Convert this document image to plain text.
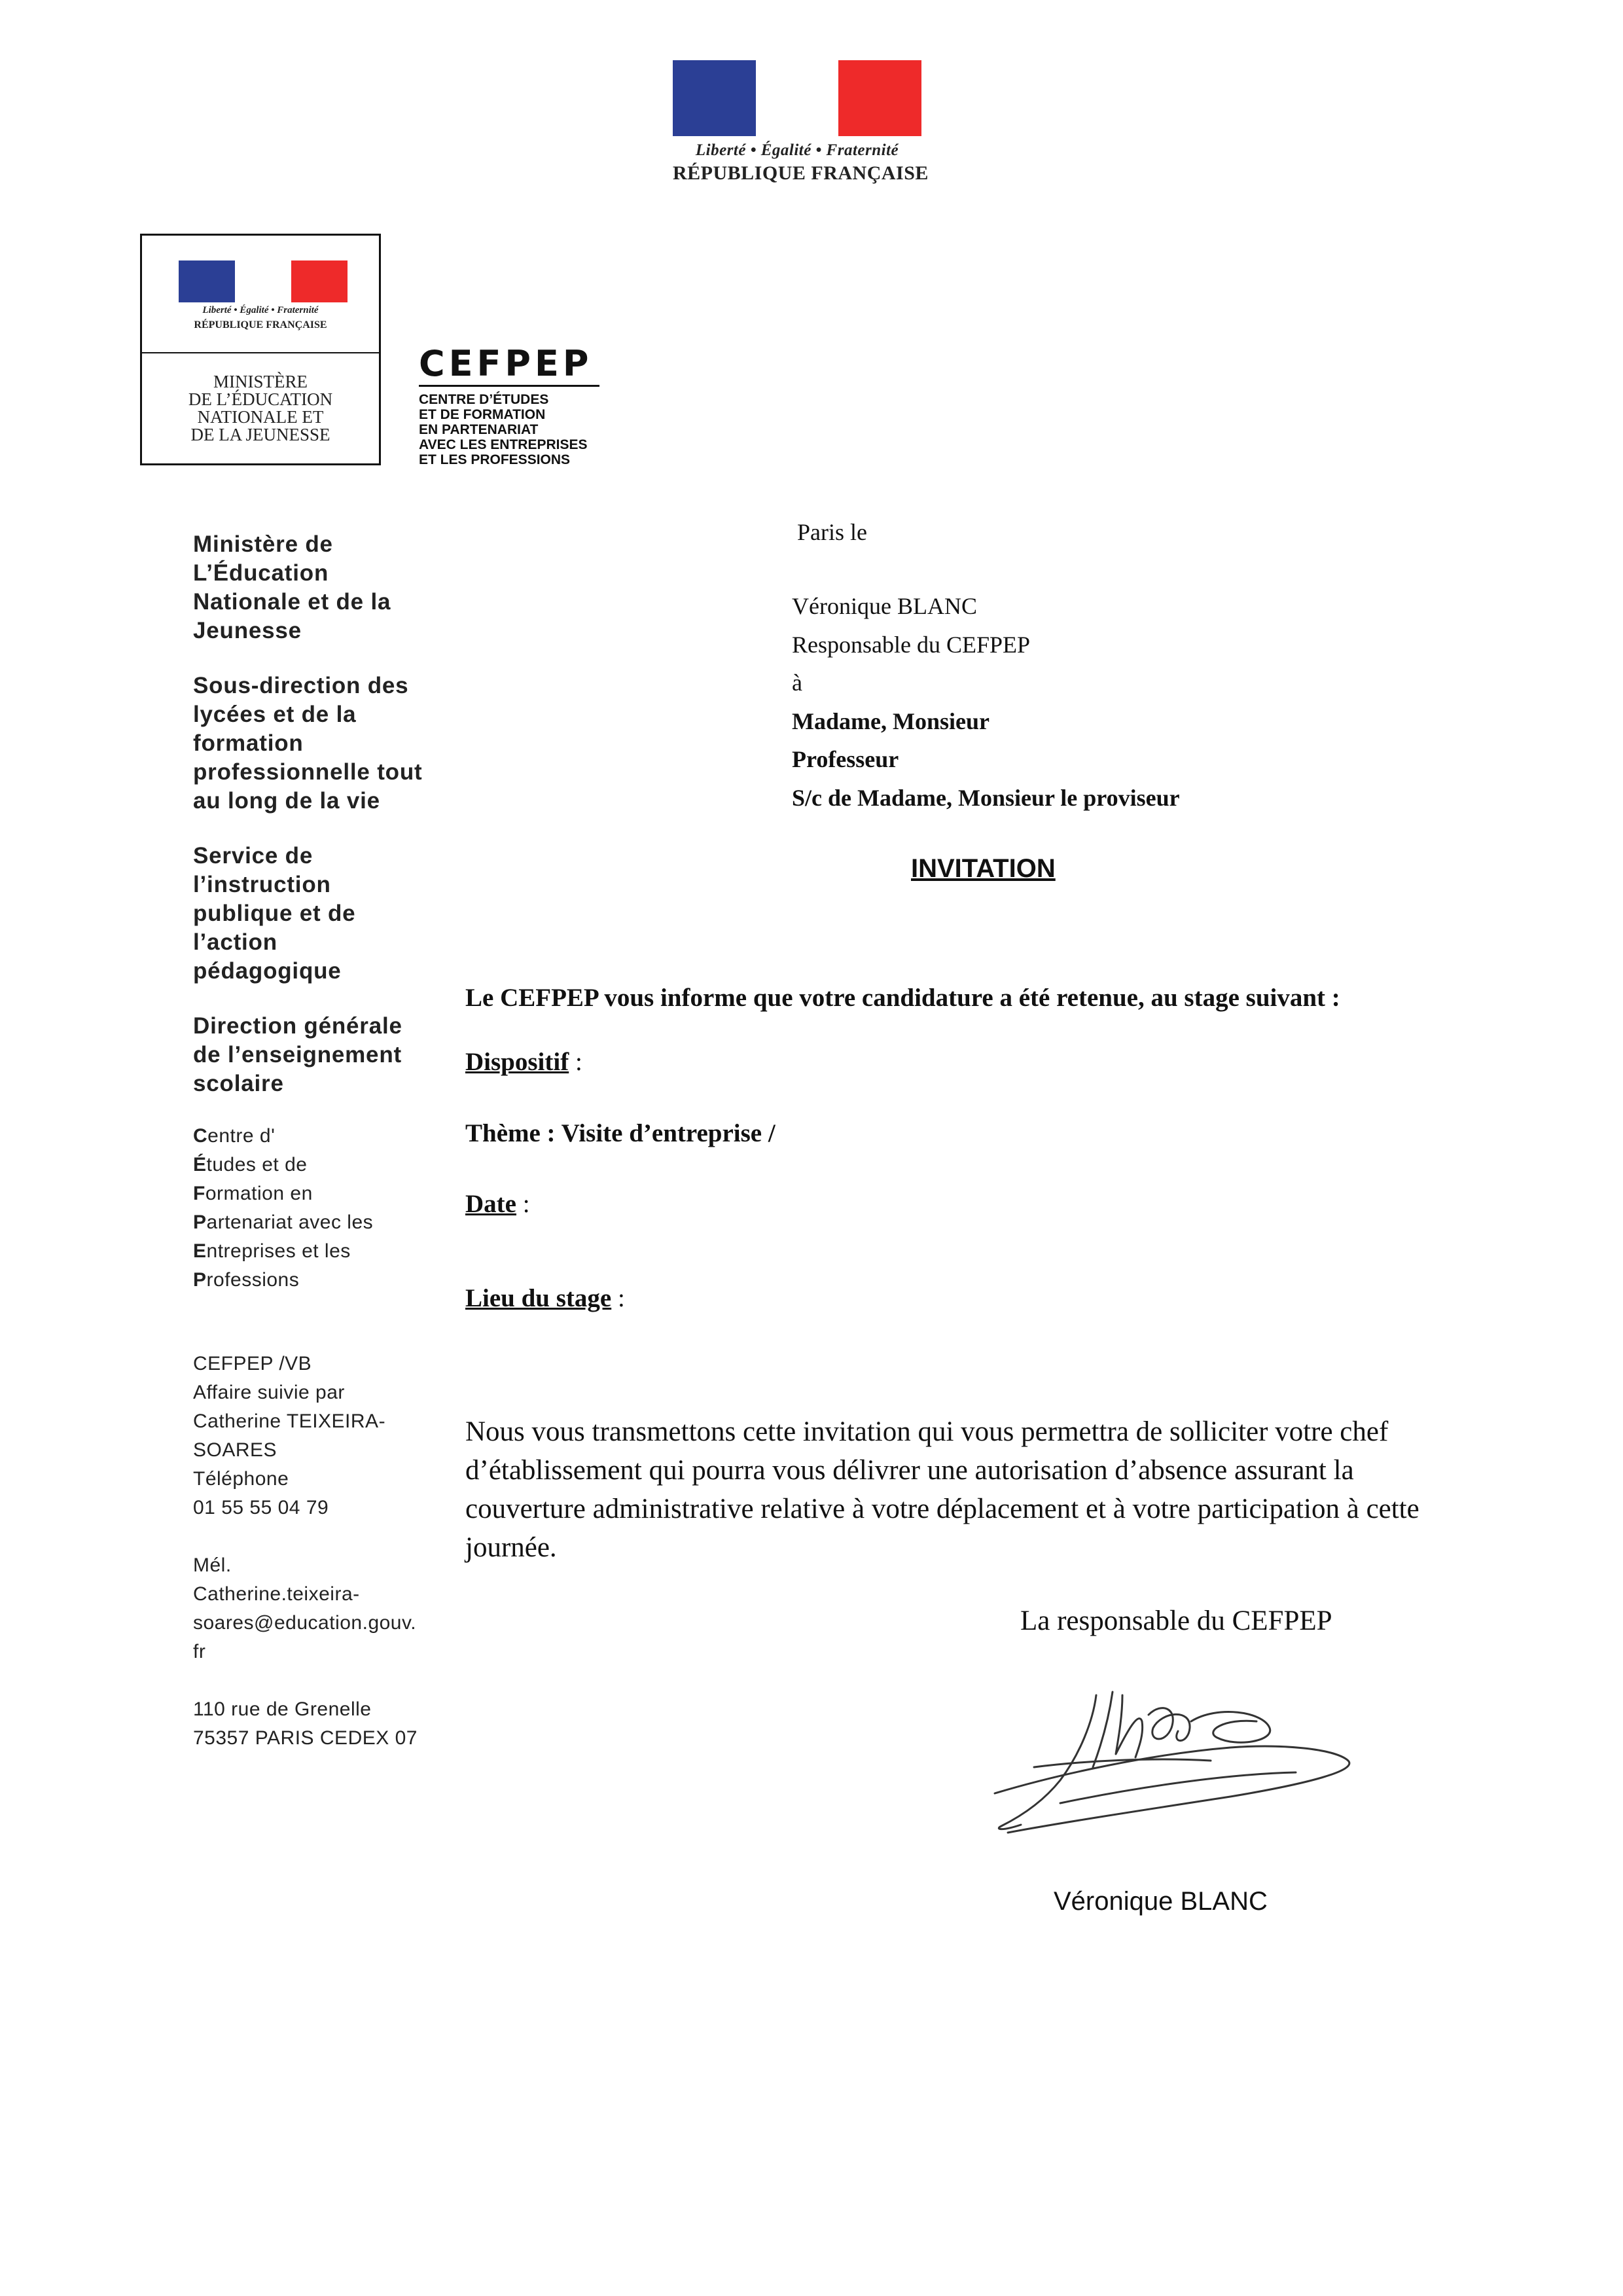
Liberté • Égalité • Fraternité
RÉPUBLIQUE FRANÇAISE
Liberté • Égalité • Fraternité
RÉPUBLIQUE FRANÇAISE
MINISTÈRE
DE L’ÉDUCATION
NATIONALE ET
DE LA JEUNESSE
CEFPEP
CENTRE D’ÉTUDES
ET DE FORMATION
EN PARTENARIAT
AVEC LES ENTREPRISES
ET LES PROFESSIONS
Ministère de
L’Éducation
Nationale et de la
Jeunesse
Sous-direction des
lycées et de la
formation
professionnelle tout
au long de la vie
Service de
l’instruction
publique et de
l’action
pédagogique
Direction générale
de l’enseignement
scolaire
Centre d'
Études et de
Formation en
Partenariat avec les
Entreprises et les
Professions
CEFPEP /VB
Affaire suivie par
Catherine TEIXEIRA-
SOARES
Téléphone
01 55 55 04 79
Mél.
Catherine.teixeira-
soares@education.gouv.
fr
110 rue de Grenelle
75357 PARIS CEDEX 07
Paris le
Véronique BLANC
Responsable du CEFPEP
à
Madame, Monsieur
Professeur
S/c de Madame, Monsieur le proviseur
INVITATION
Le CEFPEP vous informe que votre candidature a été retenue, au stage suivant :
Dispositif :
Thème : Visite d’entreprise /
Date :
Lieu du stage :
Nous vous transmettons cette invitation qui vous permettra de solliciter votre chef
d’établissement qui pourra vous délivrer une autorisation d’absence assurant la
couverture administrative relative à votre déplacement et à votre participation à cette
journée.
La responsable du CEFPEP
Véronique BLANC
